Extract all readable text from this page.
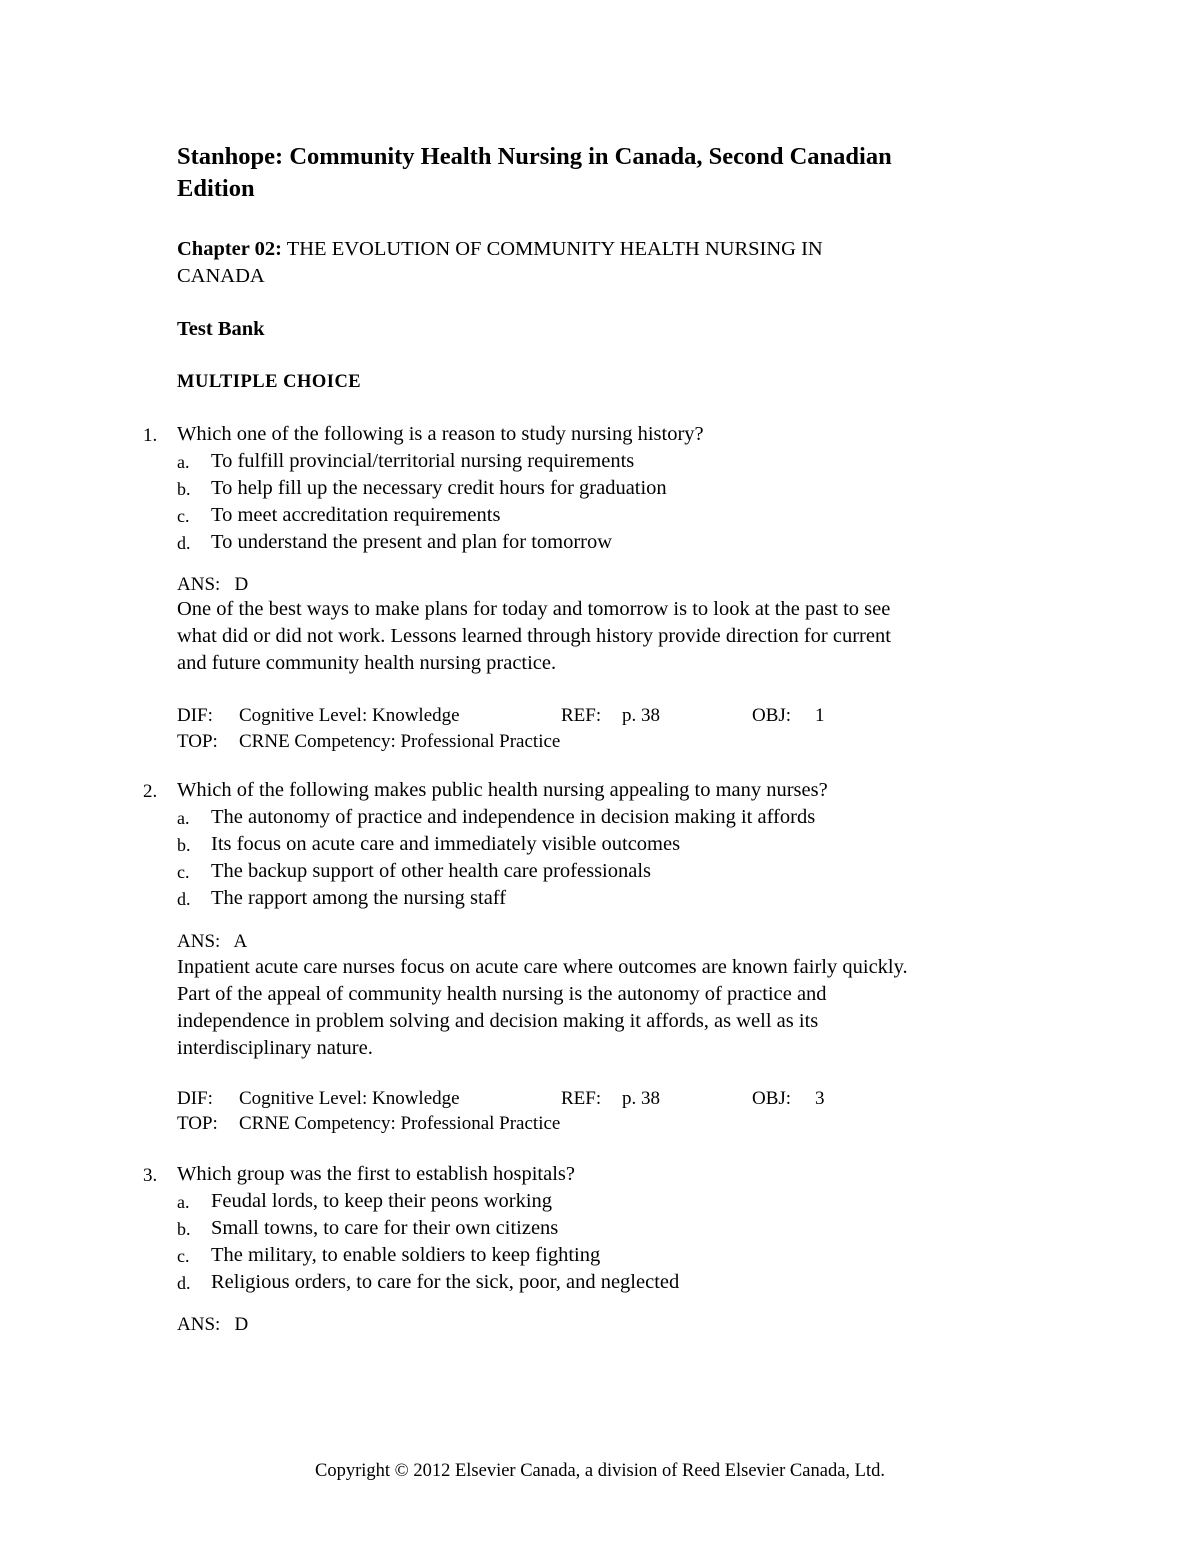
Stanhope: Community Health Nursing in Canada, Second Canadian
Edition
Chapter 02: THE EVOLUTION OF COMMUNITY HEALTH NURSING IN
CANADA
Test Bank
MULTIPLE CHOICE
1. Which one of the following is a reason to study nursing history?
a. To fulfill provincial/territorial nursing requirements
b. To help fill up the necessary credit hours for graduation
c. To meet accreditation requirements
d. To understand the present and plan for tomorrow
ANS:   D
One of the best ways to make plans for today and tomorrow is to look at the past to see
what did or did not work. Lessons learned through history provide direction for current
and future community health nursing practice.
DIF: Cognitive Level: Knowledge	REF: p. 38	OBJ: 1
TOP: CRNE Competency: Professional Practice
2. Which of the following makes public health nursing appealing to many nurses?
a. The autonomy of practice and independence in decision making it affords
b. Its focus on acute care and immediately visible outcomes
c. The backup support of other health care professionals
d. The rapport among the nursing staff
ANS:   A
Inpatient acute care nurses focus on acute care where outcomes are known fairly quickly.
Part of the appeal of community health nursing is the autonomy of practice and
independence in problem solving and decision making it affords, as well as its
interdisciplinary nature.
DIF: Cognitive Level: Knowledge	REF: p. 38	OBJ: 3
TOP: CRNE Competency: Professional Practice
3. Which group was the first to establish hospitals?
a. Feudal lords, to keep their peons working
b. Small towns, to care for their own citizens
c. The military, to enable soldiers to keep fighting
d. Religious orders, to care for the sick, poor, and neglected
ANS:   D
Copyright © 2012 Elsevier Canada, a division of Reed Elsevier Canada, Ltd.
